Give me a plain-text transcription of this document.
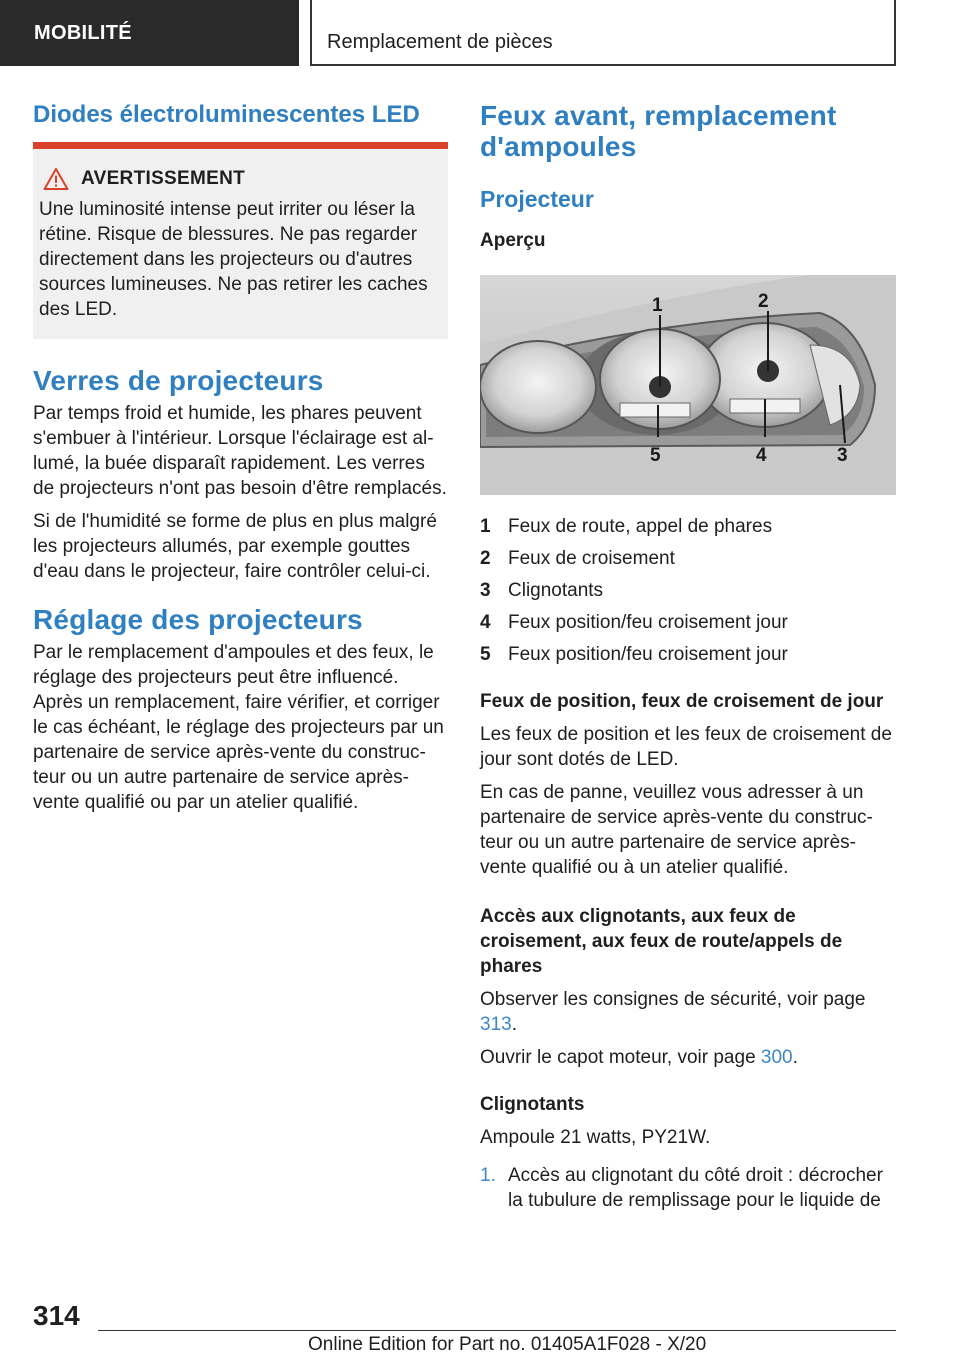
MOBILITÉ	Remplacement de pièces
Diodes électroluminescentes LED
AVERTISSEMENT

Une luminosité intense peut irriter ou léser la rétine. Risque de blessures. Ne pas regarder directement dans les projecteurs ou d'autres sources lumineuses. Ne pas retirer les caches des LED.

Verres de projecteurs

Par temps froid et humide, les phares peuvent s'embuer à l'intérieur. Lorsque l'éclairage est allumé, la buée disparaît rapidement. Les verres de projecteurs n'ont pas besoin d'être remplacés.

Si de l'humidité se forme de plus en plus malgré les projecteurs allumés, par exemple gouttes d'eau dans le projecteur, faire contrôler celui-ci.

Réglage des projecteurs

Par le remplacement d'ampoules et des feux, le réglage des projecteurs peut être influencé. Après un remplacement, faire vérifier, et corriger le cas échéant, le réglage des projecteurs par un partenaire de service après-vente du constructeur ou un autre partenaire de service après-vente qualifié ou par un atelier qualifié.

Feux avant, remplacement d'ampoules
Projecteur

Aperçu

1	2
3
4
5
1 Feux de route, appel de phares
2 Feux de croisement
3 Clignotants
4 Feux position/feu croisement jour
5 Feux position/feu croisement jour

Feux de position, feux de croisement de jour

Les feux de position et les feux de croisement de jour sont dotés de LED.

En cas de panne, veuillez vous adresser à un partenaire de service après-vente du constructeur ou un autre partenaire de service après-vente qualifié ou à un atelier qualifié.

Accès aux clignotants, aux feux de croisement, aux feux de route/appels de phares

Observer les consignes de sécurité, voir page 313.

Ouvrir le capot moteur, voir page 300.

Clignotants

Ampoule 21 watts, PY21W.

1. Accès au clignotant du côté droit : décrocher la tubulure de remplissage pour le liquide de
314
Online Edition for Part no. 01405A1F028 - X/20
